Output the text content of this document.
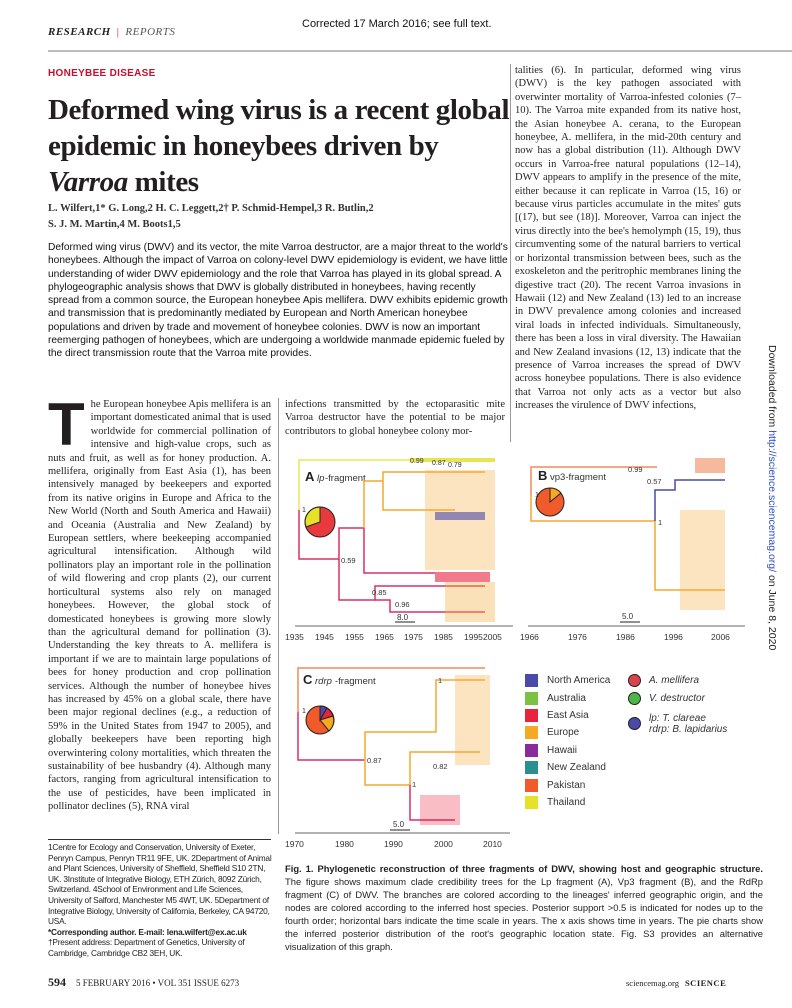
RESEARCH | REPORTS
Corrected 17 March 2016; see full text.
HONEYBEE DISEASE
Deformed wing virus is a recent global epidemic in honeybees driven by Varroa mites
L. Wilfert,1* G. Long,2 H. C. Leggett,2† P. Schmid-Hempel,3 R. Butlin,2
S. J. M. Martin,4 M. Boots1,5
Deformed wing virus (DWV) and its vector, the mite Varroa destructor, are a major threat to the world's honeybees. Although the impact of Varroa on colony-level DWV epidemiology is evident, we have little understanding of wider DWV epidemiology and the role that Varroa has played in its global spread. A phylogeographic analysis shows that DWV is globally distributed in honeybees, having recently spread from a common source, the European honeybee Apis mellifera. DWV exhibits epidemic growth and transmission that is predominantly mediated by European and North American honeybee populations and driven by trade and movement of honeybee colonies. DWV is now an important reemerging pathogen of honeybees, which are undergoing a worldwide manmade epidemic fueled by the direct transmission route that the Varroa mite provides.
The European honeybee Apis mellifera is an important domesticated animal that is used worldwide for commercial pollination of intensive and high-value crops, such as nuts and fruit, as well as for honey production. A. mellifera, originally from East Asia (1), has been intensively managed by beekeepers and exported from its native origins in Europe and Africa to the New World (North and South America and Hawaii) and Oceania (Australia and New Zealand) by European settlers, where beekeeping accompanied agricultural intensification. Although wild pollinators play an important role in the pollination of wild flowering and crop plants (2), our current horticultural systems also rely on managed honeybees. However, the global stock of domesticated honeybees is growing more slowly than the agricultural demand for pollination (3). Understanding the key threats to A. mellifera is important if we are to maintain large populations of bees for honey production and crop pollination services. Although the number of honeybee hives has increased by 45% on a global scale, there have been major regional declines (e.g., a reduction of 59% in the United States from 1947 to 2005), and globally beekeepers have been reporting high overwintering colony mortalities, which threaten the sustainability of bee husbandry (4). Although many factors, ranging from agricultural intensification to the use of pesticides, have been implicated in pollinator declines (5), RNA viral
infections transmitted by the ectoparasitic mite Varroa destructor have the potential to be major contributors to global honeybee colony mor-
talities (6). In particular, deformed wing virus (DWV) is the key pathogen associated with overwinter mortality of Varroa-infested colonies (7–10). The Varroa mite expanded from its native host, the Asian honeybee A. cerana, to the European honeybee, A. mellifera, in the mid-20th century and now has a global distribution (11). Although DWV occurs in Varroa-free natural populations (12–14), DWV appears to amplify in the presence of the mite, either because it can replicate in Varroa (15, 16) or because virus particles accumulate in the mites' guts [(17), but see (18)]. Moreover, Varroa can inject the virus directly into the bee's hemolymph (15, 19), thus circumventing some of the natural barriers to vertical or horizontal transmission between bees, such as the exoskeleton and the peritrophic membranes lining the digestive tract (20). The recent Varroa invasions in Hawaii (12) and New Zealand (13) led to an increase in DWV prevalence among colonies and increased viral loads in infected individuals. Simultaneously, there has been a loss in viral diversity. The Hawaiian and New Zealand invasions (12, 13) indicate that the presence of Varroa increases the spread of DWV across honeybee populations. There is also evidence that Varroa not only acts as a vector but also increases the virulence of DWV infections,
A lp -fragment
1
0.59
0.85
0.96
0.99 0.87 0.79
8.0
1935 1945 1955 1965 1975 1985 1995 2005
B vp3-fragment
1
0.99
0.57
1
5.0
1966	1976	1986	1996	2006
C rdrp -fragment
1
0.87
0.82
1
1
5.0
1970	1980	1990	2000	2010
North America
Australia
East Asia
Europe
Hawaii
New Zealand
Pakistan
Thailand
A. mellifera
V. destructor
lp: T. clareae
rdrp: B. lapidarius
Fig. 1. Phylogenetic reconstruction of three fragments of DWV, showing host and geographic structure. The figure shows maximum clade credibility trees for the Lp fragment (A), Vp3 fragment (B), and the RdRp fragment (C) of DWV. The branches are colored according to the lineages' inferred geographic origin, and the nodes are colored according to the inferred host species. Posterior support >0.5 is indicated for nodes up to the fourth order; horizontal bars indicate the time scale in years. The x axis shows time in years. The pie charts show the inferred posterior distribution of the root's geographic location state. Fig. S3 provides an alternative visualization of this graph.
1Centre for Ecology and Conservation, University of Exeter, Penryn Campus, Penryn TR11 9FE, UK. 2Department of Animal and Plant Sciences, University of Sheffield, Sheffield S10 2TN, UK. 3Institute of Integrative Biology, ETH Zürich, 8092 Zürich, Switzerland. 4School of Environment and Life Sciences, University of Salford, Manchester M5 4WT, UK. 5Department of Integrative Biology, University of California, Berkeley, CA 94720, USA.
*Corresponding author. E-mail: lena.wilfert@ex.ac.uk †Present address: Department of Genetics, University of Cambridge, Cambridge CB2 3EH, UK.
594 5 FEBRUARY 2016 • VOL 351 ISSUE 6273	sciencemag.org SCIENCE
Downloaded from http://science.sciencemag.org/ on June 8, 2020
